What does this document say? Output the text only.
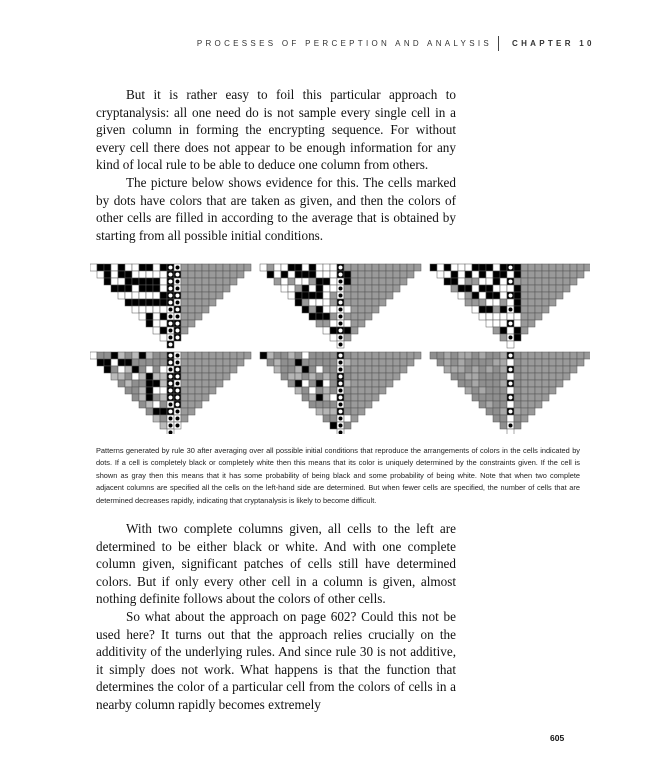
PROCESSES OF PERCEPTION AND ANALYSIS	CHAPTER 10

But it is rather easy to foil this particular approach to cryptanalysis: all one need do is not sample every single cell in a given column in forming the encrypting sequence. For without every cell there does not appear to be enough information for any kind of local rule to be able to deduce one column from others.

The picture below shows evidence for this. The cells marked by dots have colors that are taken as given, and then the colors of other cells are filled in according to the average that is obtained by starting from all possible initial conditions.

Patterns generated by rule 30 after averaging over all possible initial conditions that reproduce the arrangements of colors in the cells indicated by dots. If a cell is completely black or completely white then this means that its color is uniquely determined by the constraints given. If the cell is shown as gray then this means that it has some probability of being black and some probability of being white. Note that when two complete adjacent columns are specified all the cells on the left-hand side are determined. But when fewer cells are specified, the number of cells that are determined decreases rapidly, indicating that cryptanalysis is likely to become difficult.

With two complete columns given, all cells to the left are determined to be either black or white. And with one complete column given, significant patches of cells still have determined colors. But if only every other cell in a column is given, almost nothing definite follows about the colors of other cells.

So what about the approach on page 602? Could this not be used here? It turns out that the approach relies crucially on the additivity of the underlying rules. And since rule 30 is not additive, it simply does not work. What happens is that the function that determines the color of a particular cell from the colors of cells in a nearby column rapidly becomes extremely

605
